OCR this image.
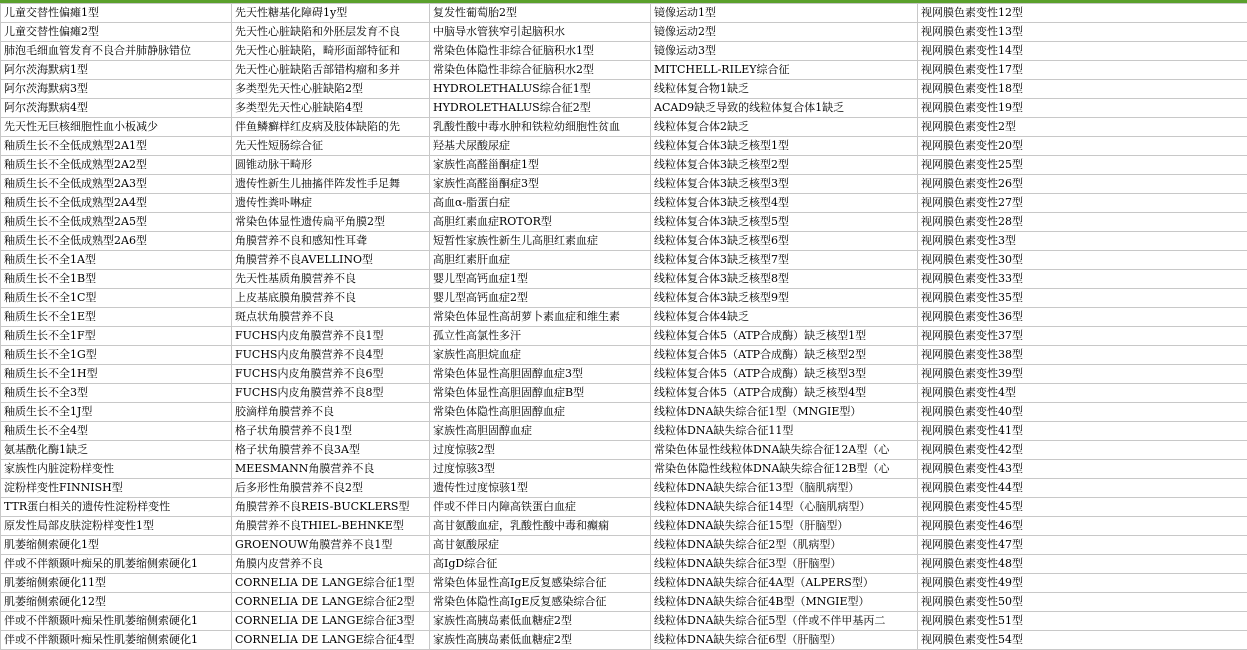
儿童交替性偏瘫1型	先天性糖基化障碍1y型	复发性葡萄胎2型	镜像运动1型	视网膜色素变性12型
儿童交替性偏瘫2型	先天性心脏缺陷和外胚层发育不良	中脑导水管狭窄引起脑积水	镜像运动2型	视网膜色素变性13型
肺泡毛细血管发育不良合并肺静脉错位	先天性心脏缺陷，畸形面部特征和	常染色体隐性非综合征脑积水1型	镜像运动3型	视网膜色素变性14型
阿尔茨海默病1型	先天性心脏缺陷舌部错构瘤和多并	常染色体隐性非综合征脑积水2型	MITCHELL-RILEY综合征	视网膜色素变性17型
阿尔茨海默病3型	多类型先天性心脏缺陷2型	HYDROLETHALUS综合征1型	线粒体复合物1缺乏	视网膜色素变性18型
阿尔茨海默病4型	多类型先天性心脏缺陷4型	HYDROLETHALUS综合征2型	ACAD9缺乏导致的线粒体复合体1缺乏	视网膜色素变性19型
先天性无巨核细胞性血小板减少	伴鱼鳞癣样红皮病及肢体缺陷的先	乳酸性酸中毒水肿和铁粒幼细胞性贫血	线粒体复合体2缺乏	视网膜色素变性2型
釉质生长不全低成熟型2A1型	先天性短肠综合征	羟基犬尿酸尿症	线粒体复合体3缺乏核型1型	视网膜色素变性20型
釉质生长不全低成熟型2A2型	圆锥动脉干畸形	家族性高醛甾酮症1型	线粒体复合体3缺乏核型2型	视网膜色素变性25型
釉质生长不全低成熟型2A3型	遗传性新生儿抽搐伴阵发性手足舞	家族性高醛甾酮症3型	线粒体复合体3缺乏核型3型	视网膜色素变性26型
釉质生长不全低成熟型2A4型	遗传性粪卟啉症	高血α-脂蛋白症	线粒体复合体3缺乏核型4型	视网膜色素变性27型
釉质生长不全低成熟型2A5型	常染色体显性遗传扁平角膜2型	高胆红素血症ROTOR型	线粒体复合体3缺乏核型5型	视网膜色素变性28型
釉质生长不全低成熟型2A6型	角膜营养不良和感知性耳聋	短暂性家族性新生儿高胆红素血症	线粒体复合体3缺乏核型6型	视网膜色素变性3型
釉质生长不全1A型	角膜营养不良AVELLINO型	高胆红素肝血症	线粒体复合体3缺乏核型7型	视网膜色素变性30型
釉质生长不全1B型	先天性基质角膜营养不良	婴儿型高钙血症1型	线粒体复合体3缺乏核型8型	视网膜色素变性33型
釉质生长不全1C型	上皮基底膜角膜营养不良	婴儿型高钙血症2型	线粒体复合体3缺乏核型9型	视网膜色素变性35型
釉质生长不全1E型	斑点状角膜营养不良	常染色体显性高胡萝卜素血症和维生素	线粒体复合体4缺乏	视网膜色素变性36型
釉质生长不全1F型	FUCHS内皮角膜营养不良1型	孤立性高氯性多汗	线粒体复合体5（ATP合成酶）缺乏核型1型	视网膜色素变性37型
釉质生长不全1G型	FUCHS内皮角膜营养不良4型	家族性高胆烷血症	线粒体复合体5（ATP合成酶）缺乏核型2型	视网膜色素变性38型
釉质生长不全1H型	FUCHS内皮角膜营养不良6型	常染色体显性高胆固醇血症3型	线粒体复合体5（ATP合成酶）缺乏核型3型	视网膜色素变性39型
釉质生长不全3型	FUCHS内皮角膜营养不良8型	常染色体显性高胆固醇血症B型	线粒体复合体5（ATP合成酶）缺乏核型4型	视网膜色素变性4型
釉质生长不全1J型	胶滴样角膜营养不良	常染色体隐性高胆固醇血症	线粒体DNA缺失综合征1型（MNGIE型）	视网膜色素变性40型
釉质生长不全4型	格子状角膜营养不良1型	家族性高胆固醇血症	线粒体DNA缺失综合征11型	视网膜色素变性41型
氨基酰化酶1缺乏	格子状角膜营养不良3A型	过度惊骇2型	常染色体显性线粒体DNA缺失综合征12A型（心	视网膜色素变性42型
家族性内脏淀粉样变性	MEESMANN角膜营养不良	过度惊骇3型	常染色体隐性线粒体DNA缺失综合征12B型（心	视网膜色素变性43型
淀粉样变性FINNISH型	后多形性角膜营养不良2型	遗传性过度惊骇1型	线粒体DNA缺失综合征13型（脑肌病型）	视网膜色素变性44型
TTR蛋白相关的遗传性淀粉样变性	角膜营养不良REIS-BUCKLERS型	伴或不伴日内障高铁蛋白血症	线粒体DNA缺失综合征14型（心脑肌病型）	视网膜色素变性45型
原发性局部皮肤淀粉样变性1型	角膜营养不良THIEL-BEHNKE型	高甘氨酸血症，乳酸性酸中毒和癫痫	线粒体DNA缺失综合征15型（肝脑型）	视网膜色素变性46型
肌萎缩侧索硬化1型	GROENOUW角膜营养不良1型	高甘氨酸尿症	线粒体DNA缺失综合征2型（肌病型）	视网膜色素变性47型
伴或不伴额颞叶痴呆的肌萎缩侧索硬化1	角膜内皮营养不良	高IgD综合征	线粒体DNA缺失综合征3型（肝脑型）	视网膜色素变性48型
肌萎缩侧索硬化11型	CORNELIA DE LANGE综合征1型	常染色体显性高IgE反复感染综合征	线粒体DNA缺失综合征4A型（ALPERS型）	视网膜色素变性49型
肌萎缩侧索硬化12型	CORNELIA DE LANGE综合征2型	常染色体隐性高IgE反复感染综合征	线粒体DNA缺失综合征4B型（MNGIE型）	视网膜色素变性50型
伴或不伴额颞叶痴呆性肌萎缩侧索硬化1	CORNELIA DE LANGE综合征3型	家族性高胰岛素低血糖症2型	线粒体DNA缺失综合征5型（伴或不伴甲基丙二	视网膜色素变性51型
伴或不伴额颞叶痴呆性肌萎缩侧索硬化1	CORNELIA DE LANGE综合征4型	家族性高胰岛素低血糖症2型	线粒体DNA缺失综合征6型（肝脑型）	视网膜色素变性54型
